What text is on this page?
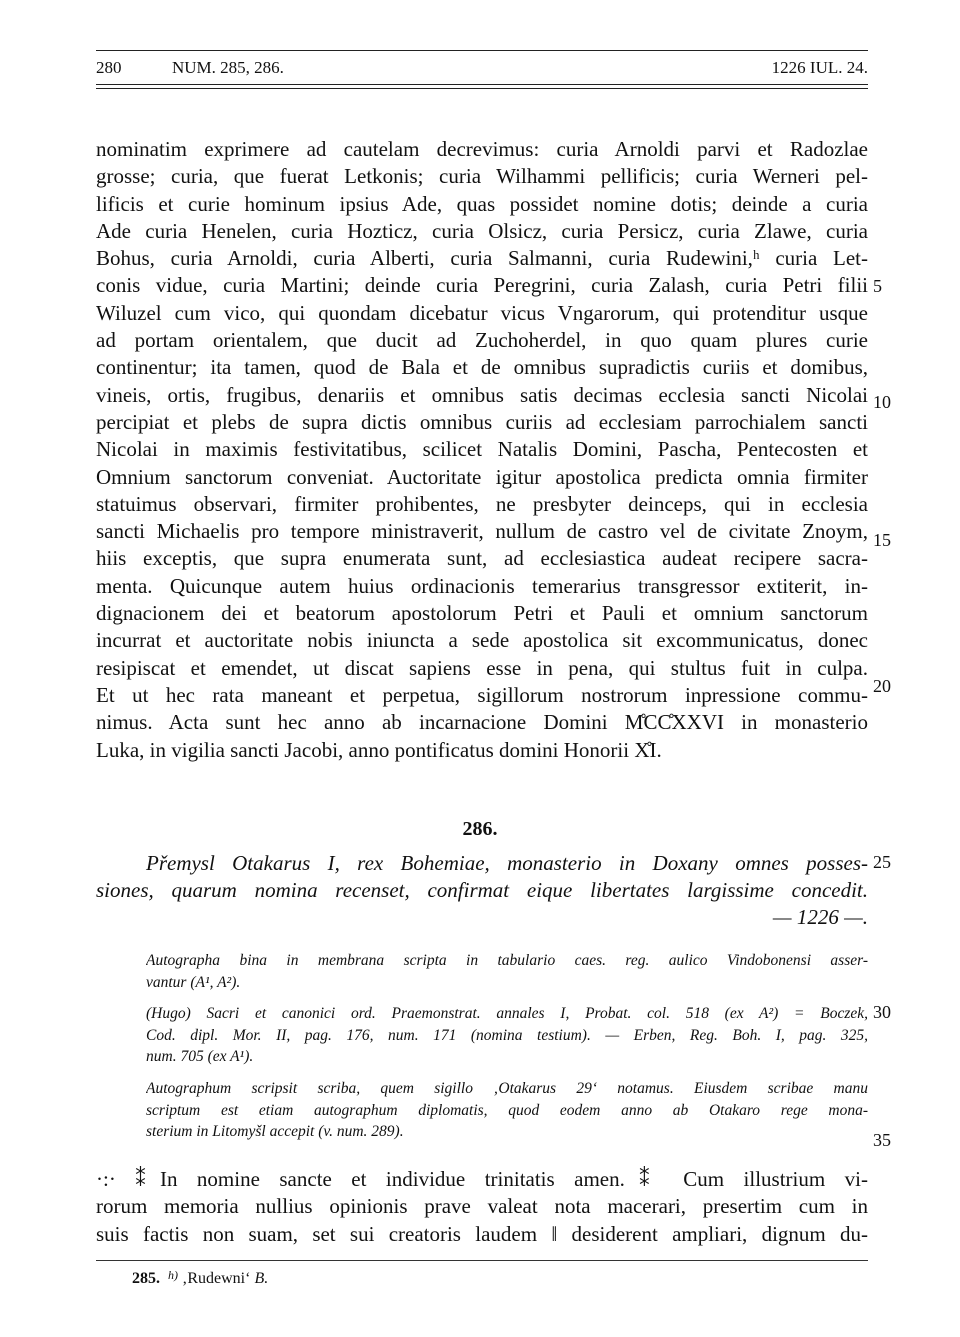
280	NUM. 285, 286.	1226 IUL. 24.
nominatim exprimere ad cautelam decrevimus: curia Arnoldi parvi et Radozlae
grosse; curia, que fuerat Letkonis; curia Wilhammi pellificis; curia Werneri pel-
lificis et curie hominum ipsius Ade, quas possidet nomine dotis; deinde a curia
Ade curia Henelen, curia Hozticz, curia Olsicz, curia Persicz, curia Zlawe, curia
Bohus, curia Arnoldi, curia Alberti, curia Salmanni, curia Rudewini,ʰ curia Let-
conis vidue, curia Martini; deinde curia Peregrini, curia Zalash, curia Petri filii
Wiluzel cum vico, qui quondam dicebatur vicus Vngarorum, qui protenditur usque
ad portam orientalem, que ducit ad Zuchoherdel, in quo quam plures curie
continentur; ita tamen, quod de Bala et de omnibus supradictis curiis et domibus,
vineis, ortis, frugibus, denariis et omnibus satis decimas ecclesia sancti Nicolai
percipiat et plebs de supra dictis omnibus curiis ad ecclesiam parrochialem sancti
Nicolai in maximis festivitatibus, scilicet Natalis Domini, Pascha, Pentecosten et
Omnium sanctorum conveniat. Auctoritate igitur apostolica predicta omnia firmiter
statuimus observari, firmiter prohibentes, ne presbyter deinceps, qui in ecclesia
sancti Michaelis pro tempore ministraverit, nullum de castro vel de civitate Znoym,
hiis exceptis, que supra enumerata sunt, ad ecclesiastica audeat recipere sacra-
menta. Quicunque autem huius ordinacionis temerarius transgressor extiterit, in-
dignacionem dei et beatorum apostolorum Petri et Pauli et omnium sanctorum
incurrat et auctoritate nobis iniuncta a sede apostolica sit excommunicatus, donec
resipiscat et emendet, ut discat sapiens esse in pena, qui stultus fuit in culpa.
Et ut hec rata maneant et perpetua, sigillorum nostrorum inpressione commu-
nimus. Acta sunt hec anno ab incarnacione Domini M̊CC̊XXVI in monasterio
Luka, in vigilia sancti Jacobi, anno pontificatus domini Honorii X̊I.
5
10
15
20
25
30
35
286.
Přemysl Otakarus I, rex Bohemiae, monasterio in Doxany omnes posses-
siones, quarum nomina recenset, confirmat eique libertates largissime concedit.
— 1226 —.
Autographa bina in membrana scripta in tabulario caes. reg. aulico Vindobonensi asser-
vantur (A¹, A²).
(Hugo) Sacri et canonici ord. Praemonstrat. annales I, Probat. col. 518 (ex A²) = Boczek,
Cod. dipl. Mor. II, pag. 176, num. 171 (nomina testium). — Erben, Reg. Boh. I, pag. 325,
num. 705 (ex A¹).
Autographum scripsit scriba, quem sigillo ‚Otakarus 29ʻ notamus. Eiusdem scribae manu
scriptum est etiam autographum diplomatis, quod eodem anno ab Otakaro rege mona-
sterium in Litomyšl accepit (v. num. 289).
·:· ⁑In nomine sancte et individue trinitatis amen.⁑ Cum illustrium vi-
rorum memoria nullius opinionis prave valeat nota macerari, presertim cum in
suis factis non suam, set sui creatoris laudem ‖ desiderent ampliari, dignum du-
285. $^{h)}$ ‚Rudewni‘ B.
